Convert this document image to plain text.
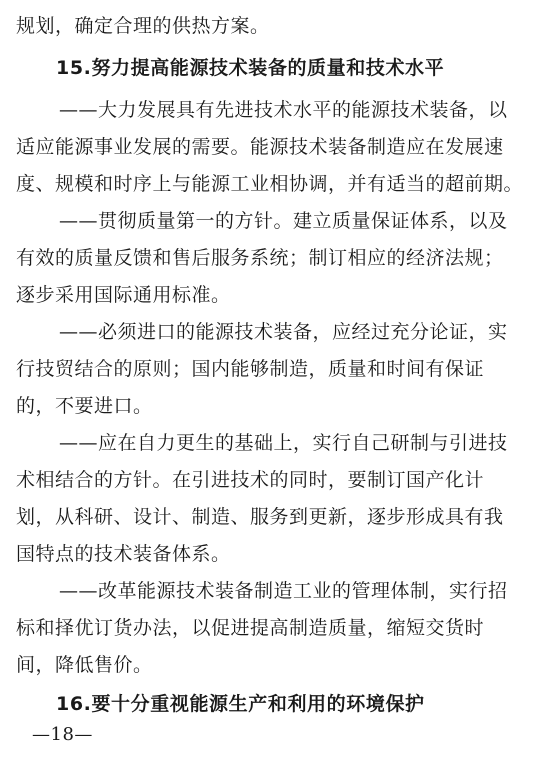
规划，确定合理的供热方案。
15.努力提高能源技术装备的质量和技术水平
——大力发展具有先进技术水平的能源技术装备，以
适应能源事业发展的需要。能源技术装备制造应在发展速
度、规模和时序上与能源工业相协调，并有适当的超前期。
——贯彻质量第一的方针。建立质量保证体系，以及
有效的质量反馈和售后服务系统；制订相应的经济法规；
逐步采用国际通用标准。
——必须进口的能源技术装备，应经过充分论证，实
行技贸结合的原则；国内能够制造，质量和时间有保证
的，不要进口。
——应在自力更生的基础上，实行自己研制与引进技
术相结合的方针。在引进技术的同时，要制订国产化计
划，从科研、设计、制造、服务到更新，逐步形成具有我
国特点的技术装备体系。
——改革能源技术装备制造工业的管理体制，实行招
标和择优订货办法，以促进提高制造质量，缩短交货时
间，降低售价。
16.要十分重视能源生产和利用的环境保护
—18—
